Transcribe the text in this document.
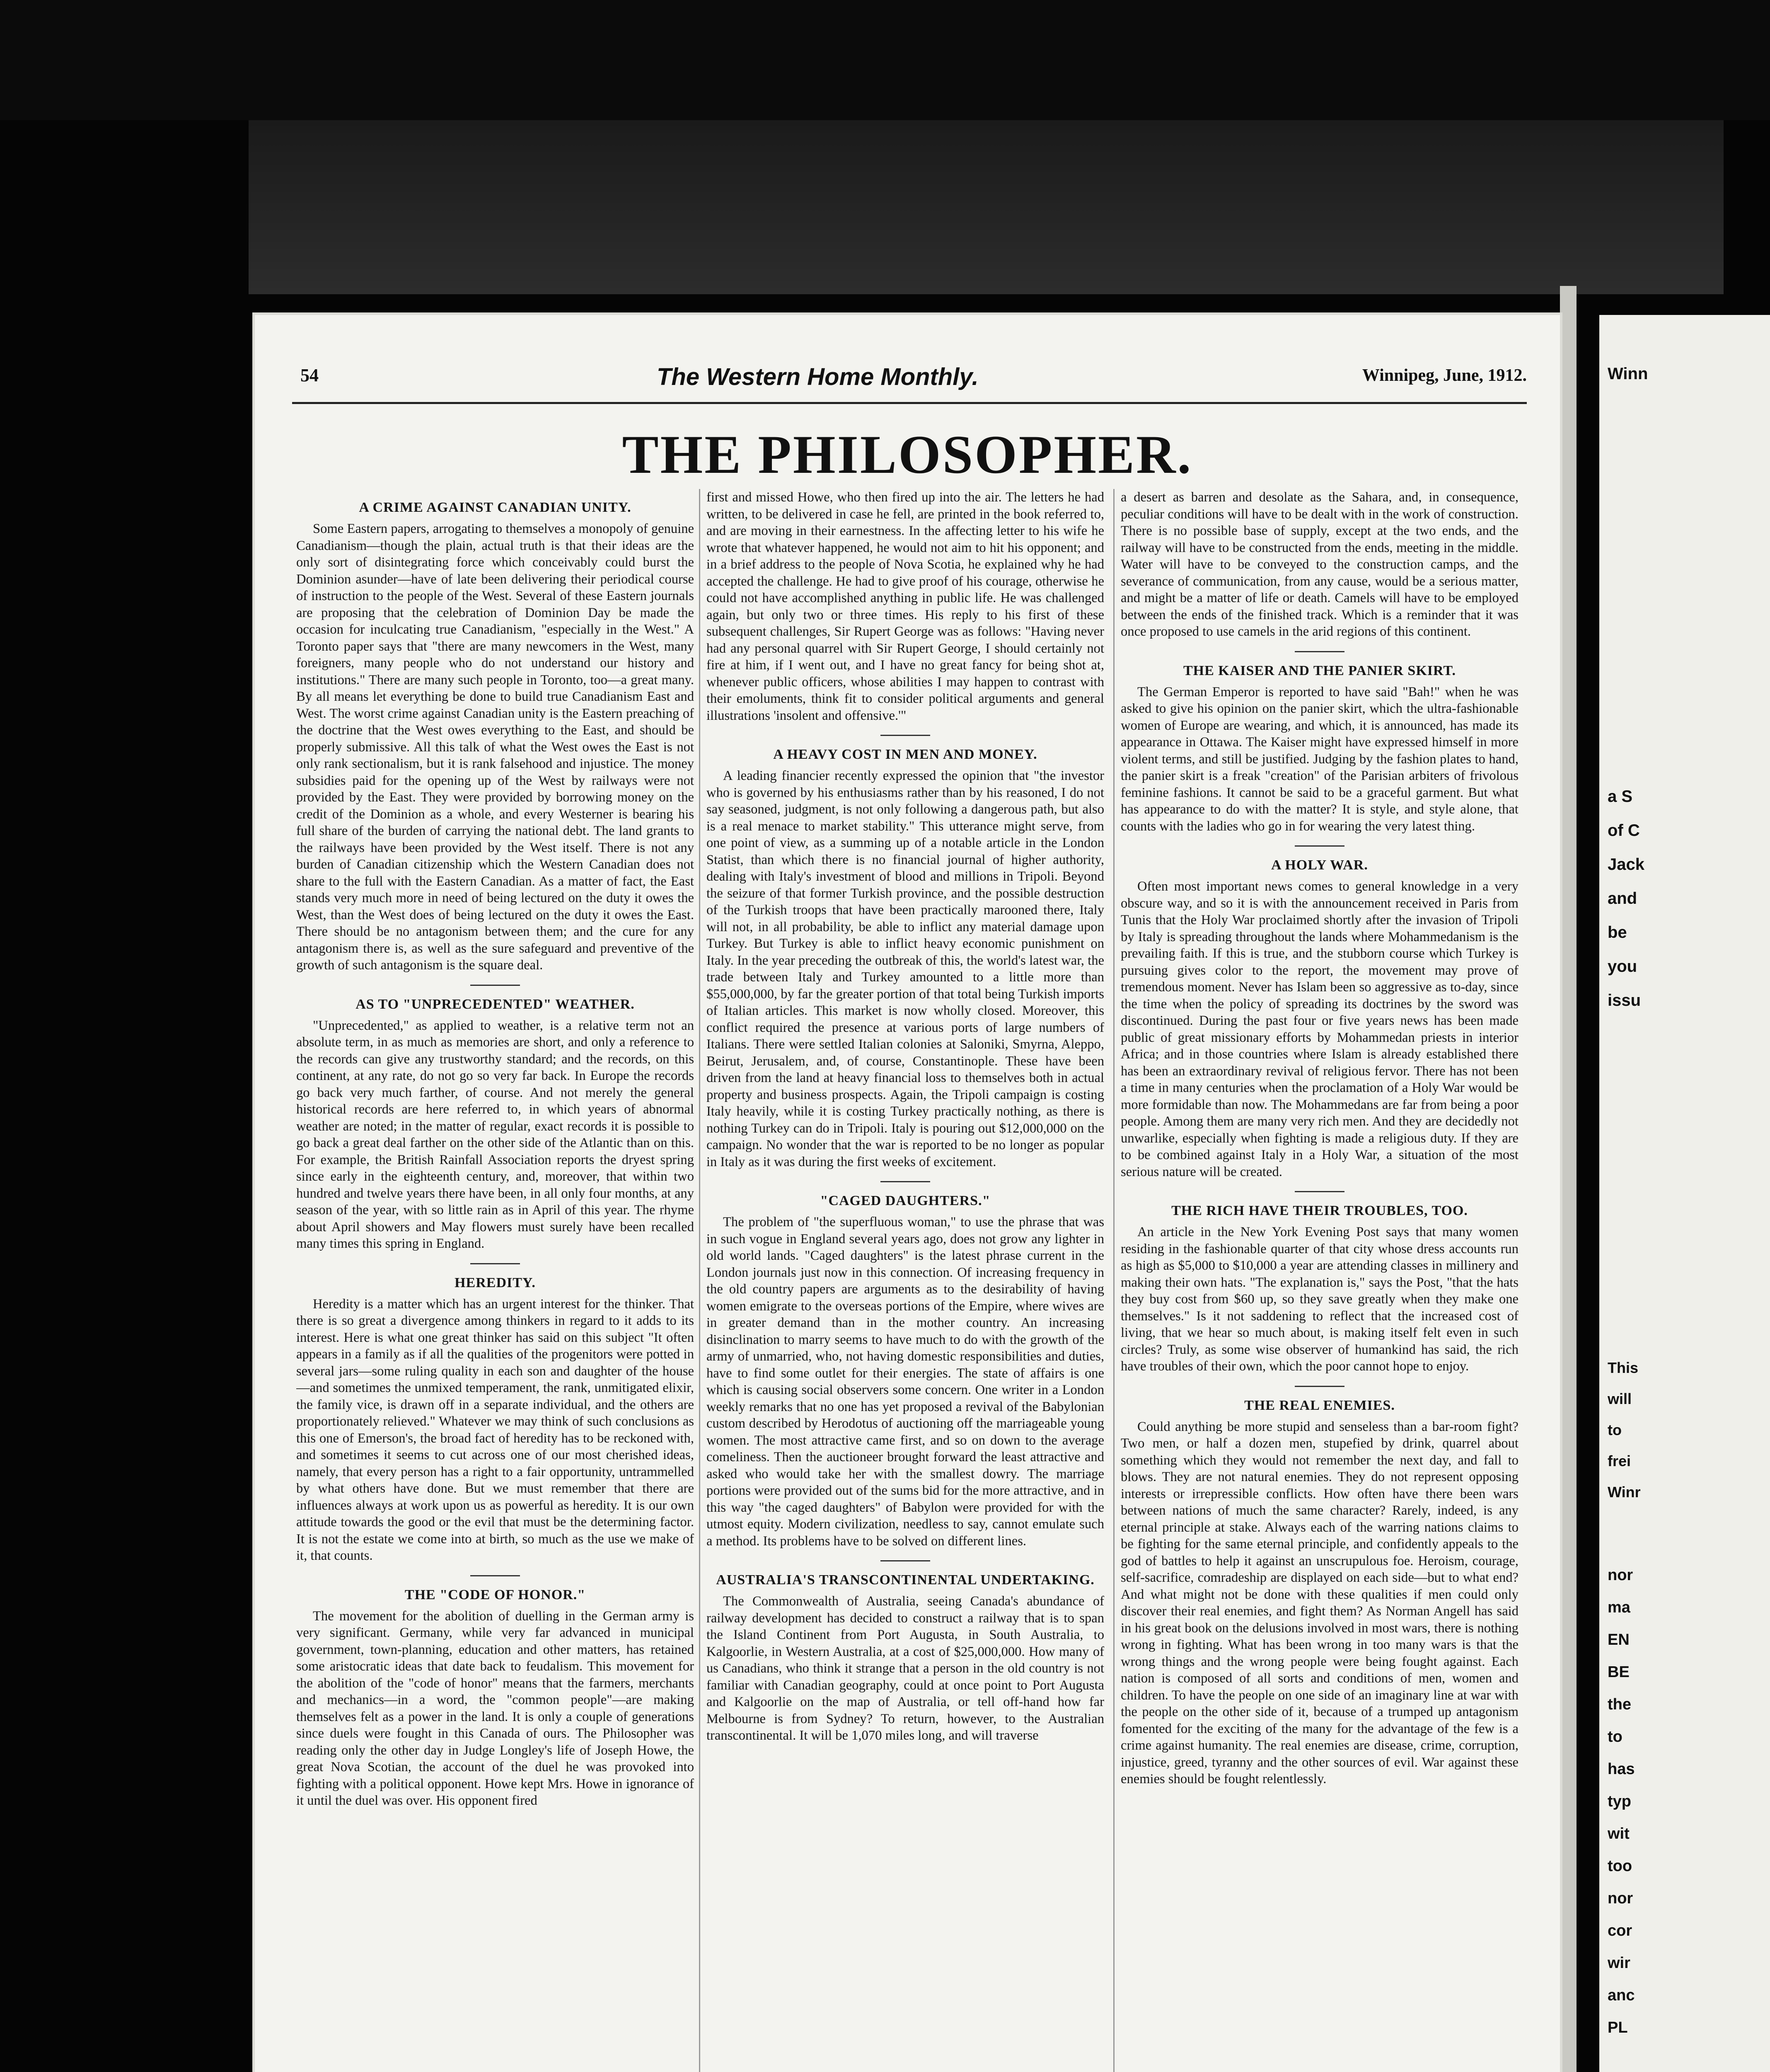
54	The Western Home Monthly.	Winnipeg, June, 1912.
THE PHILOSOPHER.
A CRIME AGAINST CANADIAN UNITY.

Some Eastern papers, arrogating to themselves a monopoly of genuine Canadianism—though the plain, actual truth is that their ideas are the only sort of disintegrating force which conceivably could burst the Dominion asunder—have of late been delivering their periodical course of instruction to the people of the West. Several of these Eastern journals are proposing that the celebration of Dominion Day be made the occasion for inculcating true Canadianism, "especially in the West." A Toronto paper says that "there are many newcomers in the West, many foreigners, many people who do not understand our history and institutions." There are many such people in Toronto, too—a great many. By all means let everything be done to build true Canadianism East and West. The worst crime against Canadian unity is the Eastern preaching of the doctrine that the West owes everything to the East, and should be properly submissive. All this talk of what the West owes the East is not only rank sectionalism, but it is rank falsehood and injustice. The money subsidies paid for the opening up of the West by railways were not provided by the East. They were provided by borrowing money on the credit of the Dominion as a whole, and every Westerner is bearing his full share of the burden of carrying the national debt. The land grants to the railways have been provided by the West itself. There is not any burden of Canadian citizenship which the Western Canadian does not share to the full with the Eastern Canadian. As a matter of fact, the East stands very much more in need of being lectured on the duty it owes the West, than the West does of being lectured on the duty it owes the East. There should be no antagonism between them; and the cure for any antagonism there is, as well as the sure safeguard and preventive of the growth of such antagonism is the square deal.

AS TO "UNPRECEDENTED" WEATHER.

"Unprecedented," as applied to weather, is a relative term not an absolute term, in as much as memories are short, and only a reference to the records can give any trustworthy standard; and the records, on this continent, at any rate, do not go so very far back. In Europe the records go back very much farther, of course. And not merely the general historical records are here referred to, in which years of abnormal weather are noted; in the matter of regular, exact records it is possible to go back a great deal farther on the other side of the Atlantic than on this. For example, the British Rainfall Association reports the dryest spring since early in the eighteenth century, and, moreover, that within two hundred and twelve years there have been, in all only four months, at any season of the year, with so little rain as in April of this year. The rhyme about April showers and May flowers must surely have been recalled many times this spring in England.

HEREDITY.

Heredity is a matter which has an urgent interest for the thinker. That there is so great a divergence among thinkers in regard to it adds to its interest. Here is what one great thinker has said on this subject "It often appears in a family as if all the qualities of the progenitors were potted in several jars—some ruling quality in each son and daughter of the house—and sometimes the unmixed temperament, the rank, unmitigated elixir, the family vice, is drawn off in a separate individual, and the others are proportionately relieved." Whatever we may think of such conclusions as this one of Emerson's, the broad fact of heredity has to be reckoned with, and sometimes it seems to cut across one of our most cherished ideas, namely, that every person has a right to a fair opportunity, untrammelled by what others have done. But we must remember that there are influences always at work upon us as powerful as heredity. It is our own attitude towards the good or the evil that must be the determining factor. It is not the estate we come into at birth, so much as the use we make of it, that counts.

THE "CODE OF HONOR."

The movement for the abolition of duelling in the German army is very significant. Germany, while very far advanced in municipal government, town-planning, education and other matters, has retained some aristocratic ideas that date back to feudalism. This movement for the abolition of the "code of honor" means that the farmers, merchants and mechanics—in a word, the "common people"—are making themselves felt as a power in the land. It is only a couple of generations since duels were fought in this Canada of ours. The Philosopher was reading only the other day in Judge Longley's life of Joseph Howe, the great Nova Scotian, the account of the duel he was provoked into fighting with a political opponent. Howe kept Mrs. Howe in ignorance of it until the duel was over. His opponent fired

first and missed Howe, who then fired up into the air. The letters he had written, to be delivered in case he fell, are printed in the book referred to, and are moving in their earnestness. In the affecting letter to his wife he wrote that whatever happened, he would not aim to hit his opponent; and in a brief address to the people of Nova Scotia, he explained why he had accepted the challenge. He had to give proof of his courage, otherwise he could not have accomplished anything in public life. He was challenged again, but only two or three times. His reply to his first of these subsequent challenges, Sir Rupert George was as follows: "Having never had any personal quarrel with Sir Rupert George, I should certainly not fire at him, if I went out, and I have no great fancy for being shot at, whenever public officers, whose abilities I may happen to contrast with their emoluments, think fit to consider political arguments and general illustrations 'insolent and offensive.'"

A HEAVY COST IN MEN AND MONEY.

A leading financier recently expressed the opinion that "the investor who is governed by his enthusiasms rather than by his reasoned, I do not say seasoned, judgment, is not only following a dangerous path, but also is a real menace to market stability." This utterance might serve, from one point of view, as a summing up of a notable article in the London Statist, than which there is no financial journal of higher authority, dealing with Italy's investment of blood and millions in Tripoli. Beyond the seizure of that former Turkish province, and the possible destruction of the Turkish troops that have been practically marooned there, Italy will not, in all probability, be able to inflict any material damage upon Turkey. But Turkey is able to inflict heavy economic punishment on Italy. In the year preceding the outbreak of this, the world's latest war, the trade between Italy and Turkey amounted to a little more than $55,000,000, by far the greater portion of that total being Turkish imports of Italian articles. This market is now wholly closed. Moreover, this conflict required the presence at various ports of large numbers of Italians. There were settled Italian colonies at Saloniki, Smyrna, Aleppo, Beirut, Jerusalem, and, of course, Constantinople. These have been driven from the land at heavy financial loss to themselves both in actual property and business prospects. Again, the Tripoli campaign is costing Italy heavily, while it is costing Turkey practically nothing, as there is nothing Turkey can do in Tripoli. Italy is pouring out $12,000,000 on the campaign. No wonder that the war is reported to be no longer as popular in Italy as it was during the first weeks of excitement.

"CAGED DAUGHTERS."

The problem of "the superfluous woman," to use the phrase that was in such vogue in England several years ago, does not grow any lighter in old world lands. "Caged daughters" is the latest phrase current in the London journals just now in this connection. Of increasing frequency in the old country papers are arguments as to the desirability of having women emigrate to the overseas portions of the Empire, where wives are in greater demand than in the mother country. An increasing disinclination to marry seems to have much to do with the growth of the army of unmarried, who, not having domestic responsibilities and duties, have to find some outlet for their energies. The state of affairs is one which is causing social observers some concern. One writer in a London weekly remarks that no one has yet proposed a revival of the Babylonian custom described by Herodotus of auctioning off the marriageable young women. The most attractive came first, and so on down to the average comeliness. Then the auctioneer brought forward the least attractive and asked who would take her with the smallest dowry. The marriage portions were provided out of the sums bid for the more attractive, and in this way "the caged daughters" of Babylon were provided for with the utmost equity. Modern civilization, needless to say, cannot emulate such a method. Its problems have to be solved on different lines.

AUSTRALIA'S TRANSCONTINENTAL UNDERTAKING.

The Commonwealth of Australia, seeing Canada's abundance of railway development has decided to construct a railway that is to span the Island Continent from Port Augusta, in South Australia, to Kalgoorlie, in Western Australia, at a cost of $25,000,000. How many of us Canadians, who think it strange that a person in the old country is not familiar with Canadian geography, could at once point to Port Augusta and Kalgoorlie on the map of Australia, or tell off-hand how far Melbourne is from Sydney? To return, however, to the Australian transcontinental. It will be 1,070 miles long, and will traverse

a desert as barren and desolate as the Sahara, and, in consequence, peculiar conditions will have to be dealt with in the work of construction. There is no possible base of supply, except at the two ends, and the railway will have to be constructed from the ends, meeting in the middle. Water will have to be conveyed to the construction camps, and the severance of communication, from any cause, would be a serious matter, and might be a matter of life or death. Camels will have to be employed between the ends of the finished track. Which is a reminder that it was once proposed to use camels in the arid regions of this continent.

THE KAISER AND THE PANIER SKIRT.

The German Emperor is reported to have said "Bah!" when he was asked to give his opinion on the panier skirt, which the ultra-fashionable women of Europe are wearing, and which, it is announced, has made its appearance in Ottawa. The Kaiser might have expressed himself in more violent terms, and still be justified. Judging by the fashion plates to hand, the panier skirt is a freak "creation" of the Parisian arbiters of frivolous feminine fashions. It cannot be said to be a graceful garment. But what has appearance to do with the matter? It is style, and style alone, that counts with the ladies who go in for wearing the very latest thing.

A HOLY WAR.

Often most important news comes to general knowledge in a very obscure way, and so it is with the announcement received in Paris from Tunis that the Holy War proclaimed shortly after the invasion of Tripoli by Italy is spreading throughout the lands where Mohammedanism is the prevailing faith. If this is true, and the stubborn course which Turkey is pursuing gives color to the report, the movement may prove of tremendous moment. Never has Islam been so aggressive as to-day, since the time when the policy of spreading its doctrines by the sword was discontinued. During the past four or five years news has been made public of great missionary efforts by Mohammedan priests in interior Africa; and in those countries where Islam is already established there has been an extraordinary revival of religious fervor. There has not been a time in many centuries when the proclamation of a Holy War would be more formidable than now. The Mohammedans are far from being a poor people. Among them are many very rich men. And they are decidedly not unwarlike, especially when fighting is made a religious duty. If they are to be combined against Italy in a Holy War, a situation of the most serious nature will be created.

THE RICH HAVE THEIR TROUBLES, TOO.

An article in the New York Evening Post says that many women residing in the fashionable quarter of that city whose dress accounts run as high as $5,000 to $10,000 a year are attending classes in millinery and making their own hats. "The explanation is," says the Post, "that the hats they buy cost from $60 up, so they save greatly when they make one themselves." Is it not saddening to reflect that the increased cost of living, that we hear so much about, is making itself felt even in such circles? Truly, as some wise observer of humankind has said, the rich have troubles of their own, which the poor cannot hope to enjoy.

THE REAL ENEMIES.

Could anything be more stupid and senseless than a bar-room fight? Two men, or half a dozen men, stupefied by drink, quarrel about something which they would not remember the next day, and fall to blows. They are not natural enemies. They do not represent opposing interests or irrepressible conflicts. How often have there been wars between nations of much the same character? Rarely, indeed, is any eternal principle at stake. Always each of the warring nations claims to be fighting for the same eternal principle, and confidently appeals to the god of battles to help it against an unscrupulous foe. Heroism, courage, self-sacrifice, comradeship are displayed on each side—but to what end? And what might not be done with these qualities if men could only discover their real enemies, and fight them? As Norman Angell has said in his great book on the delusions involved in most wars, there is nothing wrong in fighting. What has been wrong in too many wars is that the wrong things and the wrong people were being fought against. Each nation is composed of all sorts and conditions of men, women and children. To have the people on one side of an imaginary line at war with the people on the other side of it, because of a trumped up antagonism fomented for the exciting of the many for the advantage of the few is a crime against humanity. The real enemies are disease, crime, corruption, injustice, greed, tyranny and the other sources of evil. War against these enemies should be fought relentlessly.

Winn
a S
of C
Jack
and
be
you
issu
This
will
to
frei
Winr
nor
ma
EN
BE
the
to
has
typ
wit
too
nor
cor
wir
anc
PL
